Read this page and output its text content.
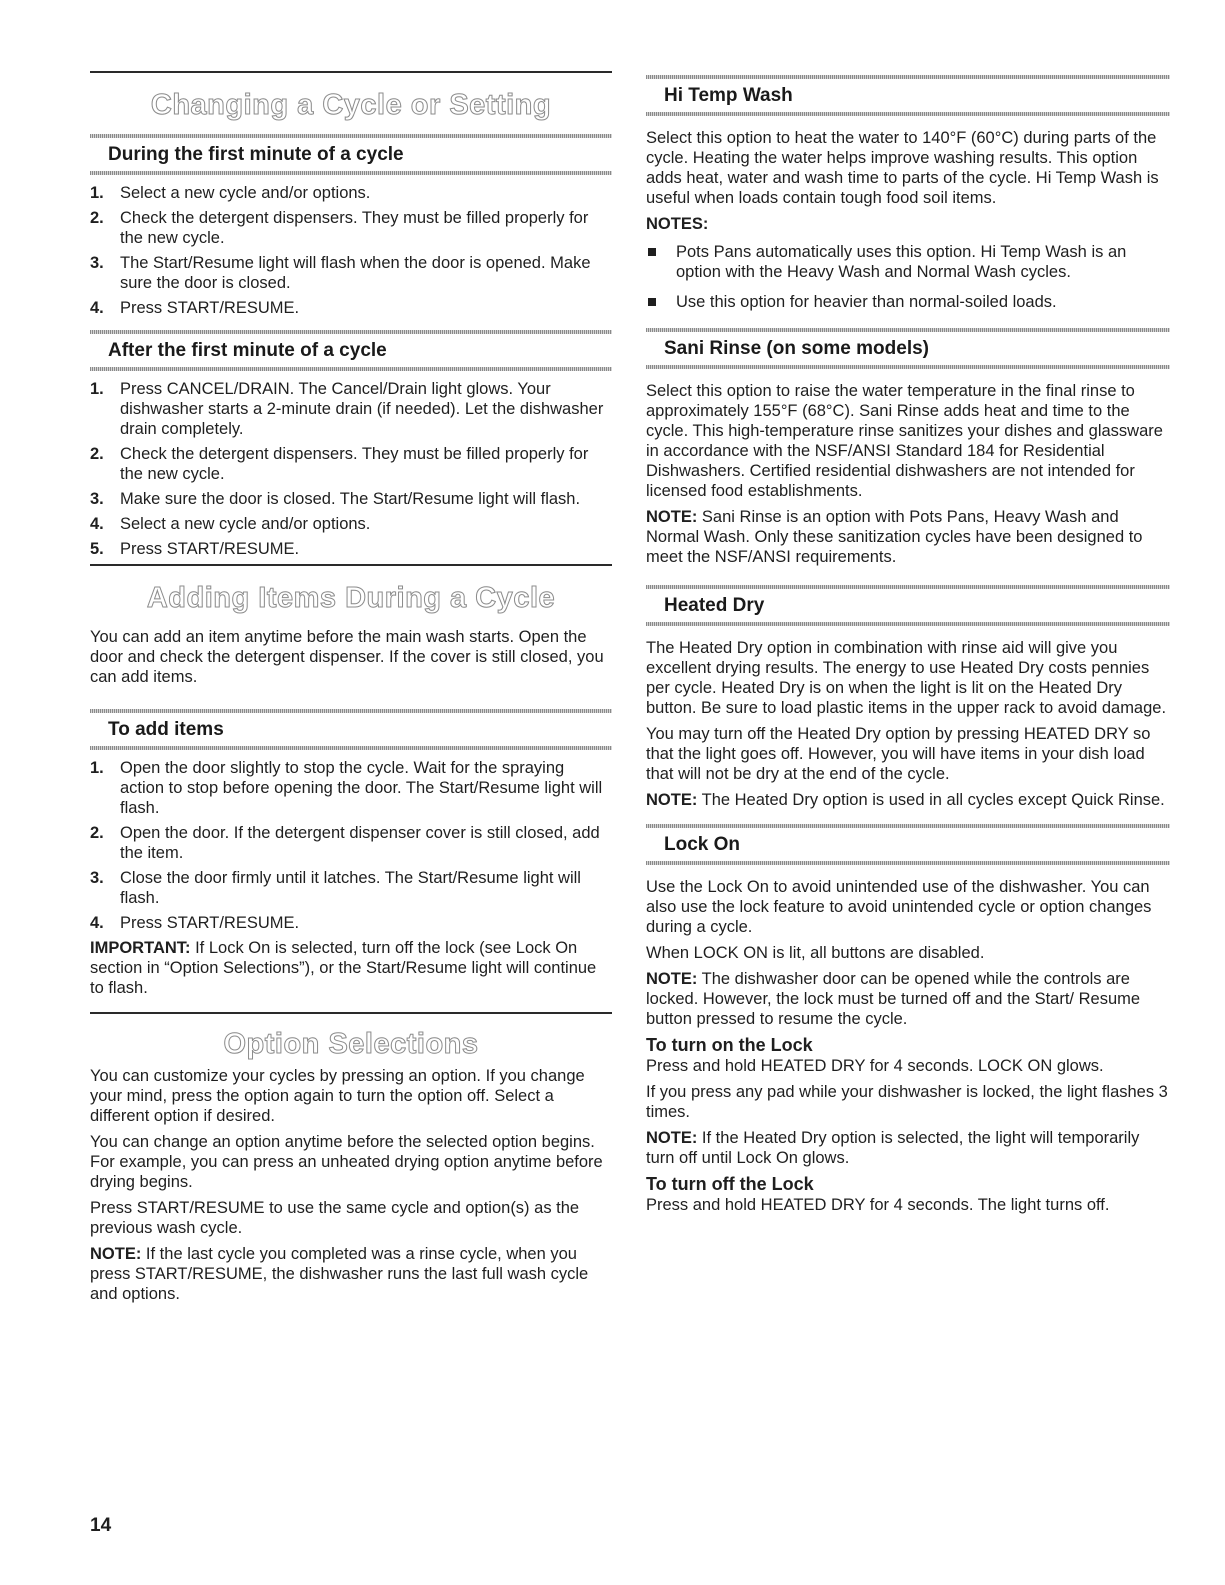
Changing a Cycle or Setting
During the first minute of a cycle
1. Select a new cycle and/or options.
2. Check the detergent dispensers. They must be filled properly for the new cycle.
3. The Start/Resume light will flash when the door is opened. Make sure the door is closed.
4. Press START/RESUME.
After the first minute of a cycle
1. Press CANCEL/DRAIN. The Cancel/Drain light glows. Your dishwasher starts a 2-minute drain (if needed). Let the dishwasher drain completely.
2. Check the detergent dispensers. They must be filled properly for the new cycle.
3. Make sure the door is closed. The Start/Resume light will flash.
4. Select a new cycle and/or options.
5. Press START/RESUME.
Adding Items During a Cycle

You can add an item anytime before the main wash starts. Open the door and check the detergent dispenser. If the cover is still closed, you can add items.

To add items
1. Open the door slightly to stop the cycle. Wait for the spraying action to stop before opening the door. The Start/Resume light will flash.
2. Open the door. If the detergent dispenser cover is still closed, add the item.
3. Close the door firmly until it latches. The Start/Resume light will flash.
4. Press START/RESUME.

IMPORTANT: If Lock On is selected, turn off the lock (see Lock On section in “Option Selections”), or the Start/Resume light will continue to flash.

Option Selections

You can customize your cycles by pressing an option. If you change your mind, press the option again to turn the option off. Select a different option if desired.

You can change an option anytime before the selected option begins. For example, you can press an unheated drying option anytime before drying begins.

Press START/RESUME to use the same cycle and option(s) as the previous wash cycle.

NOTE: If the last cycle you completed was a rinse cycle, when you press START/RESUME, the dishwasher runs the last full wash cycle and options.

Hi Temp Wash

Select this option to heat the water to 140°F (60°C) during parts of the cycle. Heating the water helps improve washing results. This option adds heat, water and wash time to parts of the cycle. Hi Temp Wash is useful when loads contain tough food soil items.

NOTES:
Pots Pans automatically uses this option. Hi Temp Wash is an option with the Heavy Wash and Normal Wash cycles.
Use this option for heavier than normal-soiled loads.
Sani Rinse (on some models)

Select this option to raise the water temperature in the final rinse to approximately 155°F (68°C). Sani Rinse adds heat and time to the cycle. This high-temperature rinse sanitizes your dishes and glassware in accordance with the NSF/ANSI Standard 184 for Residential Dishwashers. Certified residential dishwashers are not intended for licensed food establishments.

NOTE: Sani Rinse is an option with Pots Pans, Heavy Wash and Normal Wash. Only these sanitization cycles have been designed to meet the NSF/ANSI requirements.

Heated Dry

The Heated Dry option in combination with rinse aid will give you excellent drying results. The energy to use Heated Dry costs pennies per cycle. Heated Dry is on when the light is lit on the Heated Dry button. Be sure to load plastic items in the upper rack to avoid damage.

You may turn off the Heated Dry option by pressing HEATED DRY so that the light goes off. However, you will have items in your dish load that will not be dry at the end of the cycle.

NOTE: The Heated Dry option is used in all cycles except Quick Rinse.

Lock On

Use the Lock On to avoid unintended use of the dishwasher. You can also use the lock feature to avoid unintended cycle or option changes during a cycle.

When LOCK ON is lit, all buttons are disabled.

NOTE: The dishwasher door can be opened while the controls are locked. However, the lock must be turned off and the Start/ Resume button pressed to resume the cycle.

To turn on the Lock

Press and hold HEATED DRY for 4 seconds. LOCK ON glows.

If you press any pad while your dishwasher is locked, the light flashes 3 times.

NOTE: If the Heated Dry option is selected, the light will temporarily turn off until Lock On glows.

To turn off the Lock

Press and hold HEATED DRY for 4 seconds. The light turns off.

14
